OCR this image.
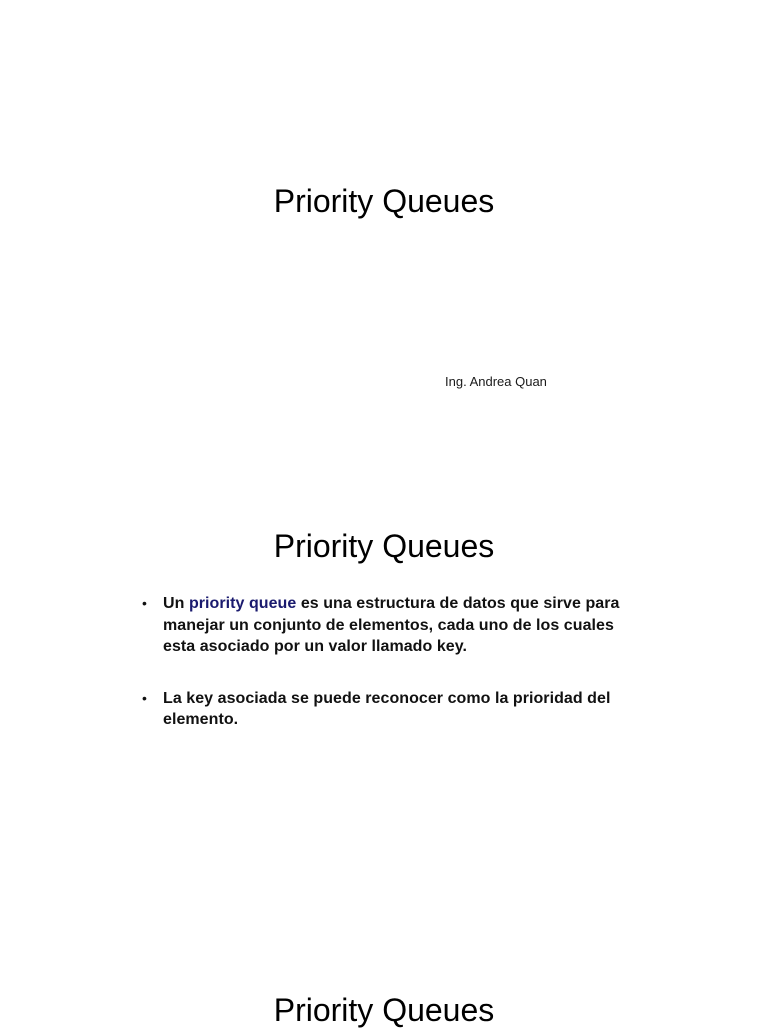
Priority Queues
Ing. Andrea Quan
Priority Queues
• Un priority queue es una estructura de datos que sirve para manejar un conjunto de elementos, cada uno de los cuales esta asociado por un valor llamado key.
• La key asociada se puede reconocer como la prioridad del elemento.
Priority Queues
